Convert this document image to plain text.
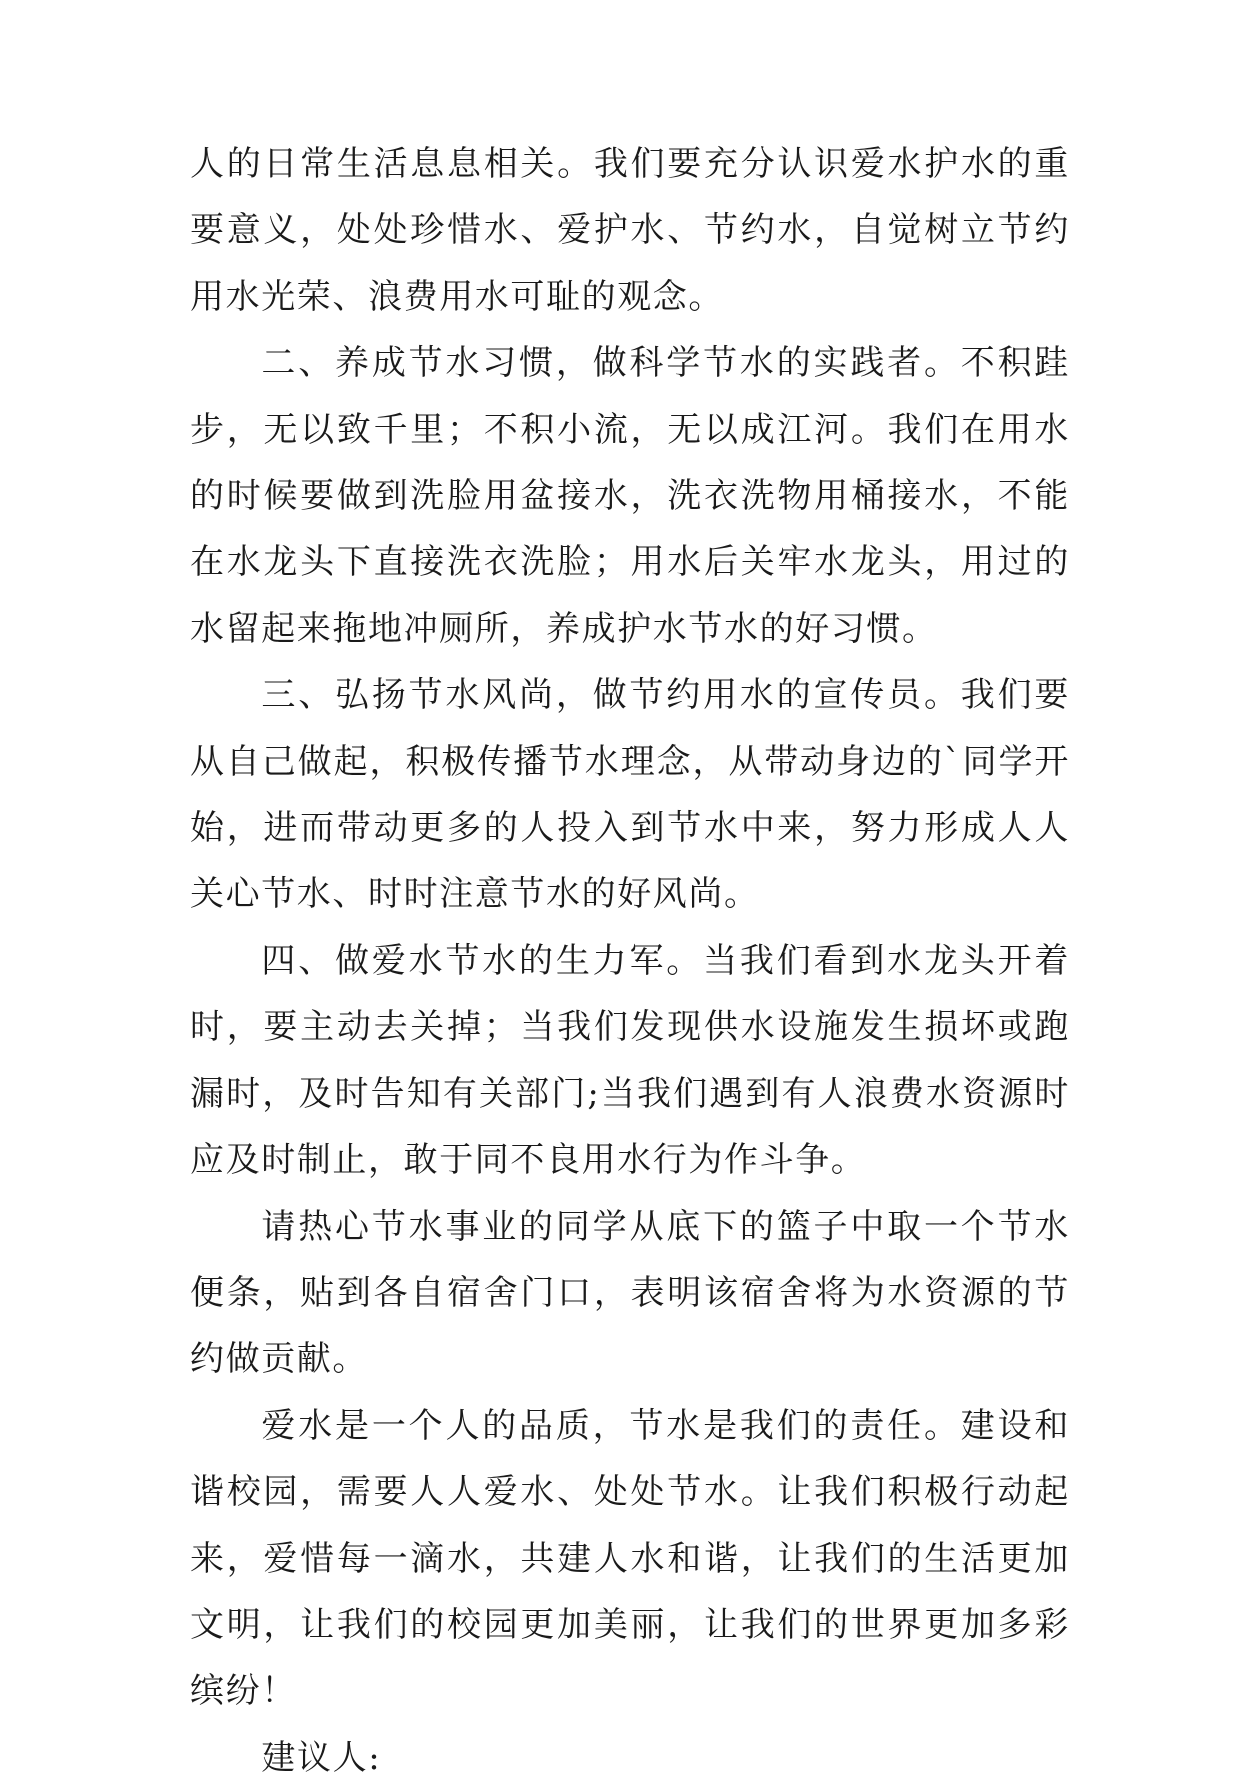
人的日常生活息息相关。我们要充分认识爱水护水的重要意义，处处珍惜水、爱护水、节约水，自觉树立节约用水光荣、浪费用水可耻的观念。

二、养成节水习惯，做科学节水的实践者。不积跬步，无以致千里；不积小流，无以成江河。我们在用水的时候要做到洗脸用盆接水，洗衣洗物用桶接水，不能在水龙头下直接洗衣洗脸；用水后关牢水龙头，用过的水留起来拖地冲厕所，养成护水节水的好习惯。

三、弘扬节水风尚，做节约用水的宣传员。我们要从自己做起，积极传播节水理念，从带动身边的`同学开始，进而带动更多的人投入到节水中来，努力形成人人关心节水、时时注意节水的好风尚。

四、做爱水节水的生力军。当我们看到水龙头开着时，要主动去关掉；当我们发现供水设施发生损坏或跑漏时，及时告知有关部门;当我们遇到有人浪费水资源时应及时制止，敢于同不良用水行为作斗争。

请热心节水事业的同学从底下的篮子中取一个节水便条，贴到各自宿舍门口，表明该宿舍将为水资源的节约做贡献。

爱水是一个人的品质，节水是我们的责任。建设和谐校园，需要人人爱水、处处节水。让我们积极行动起来，爱惜每一滴水，共建人水和谐，让我们的生活更加文明，让我们的校园更加美丽，让我们的世界更加多彩缤纷！

建议人:
